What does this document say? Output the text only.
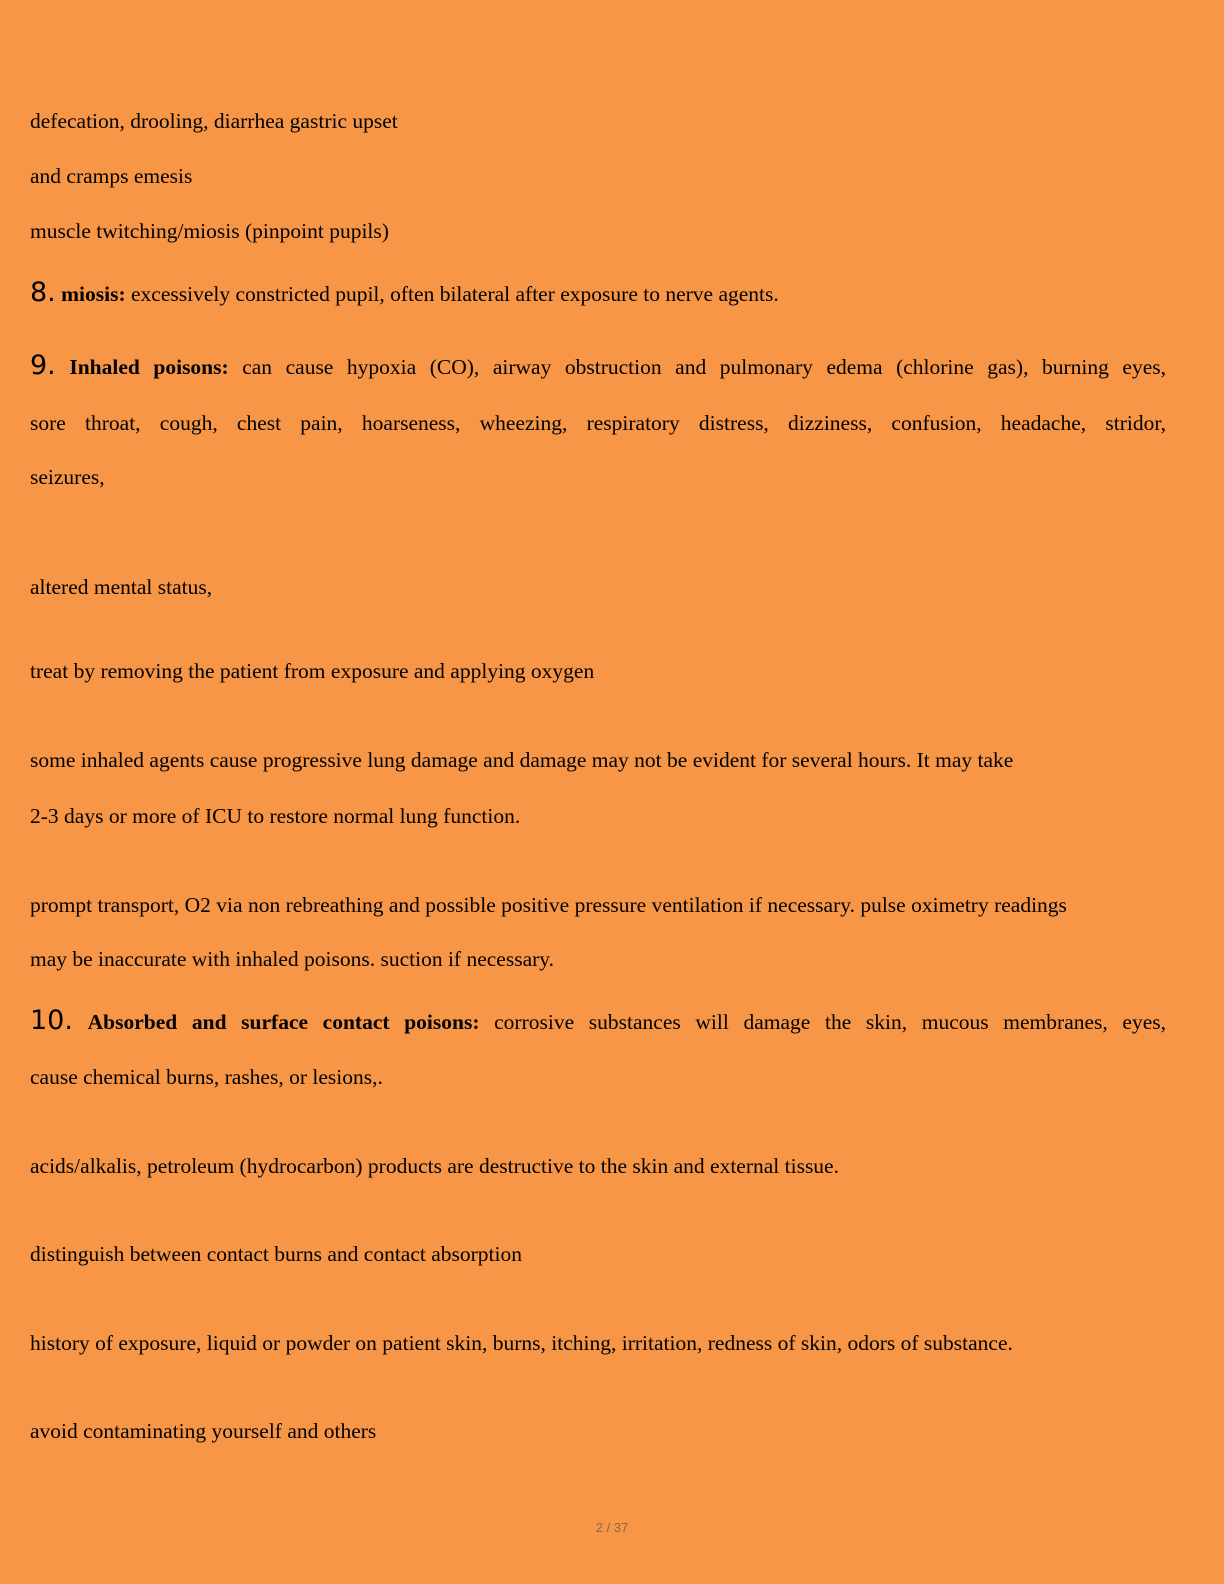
defecation, drooling, diarrhea gastric upset

and cramps emesis

muscle twitching/miosis (pinpoint pupils)

8. miosis: excessively constricted pupil, often bilateral after exposure to nerve agents.

9. Inhaled poisons: can cause hypoxia (CO), airway obstruction and pulmonary edema (chlorine gas), burning eyes,

sore throat, cough, chest pain, hoarseness, wheezing, respiratory distress, dizziness, confusion, headache, stridor,

seizures,

altered mental status,

treat by removing the patient from exposure and applying oxygen

some inhaled agents cause progressive lung damage and damage may not be evident for several hours. It may take

2-3 days or more of ICU to restore normal lung function.

prompt transport, O2 via non rebreathing and possible positive pressure ventilation if necessary. pulse oximetry readings

may be inaccurate with inhaled poisons. suction if necessary.

10. Absorbed and surface contact poisons: corrosive substances will damage the skin, mucous membranes, eyes,

cause chemical burns, rashes, or lesions,.

acids/alkalis, petroleum (hydrocarbon) products are destructive to the skin and external tissue.

distinguish between contact burns and contact absorption

history of exposure, liquid or powder on patient skin, burns, itching, irritation, redness of skin, odors of substance.

avoid contaminating yourself and others

2 / 37
